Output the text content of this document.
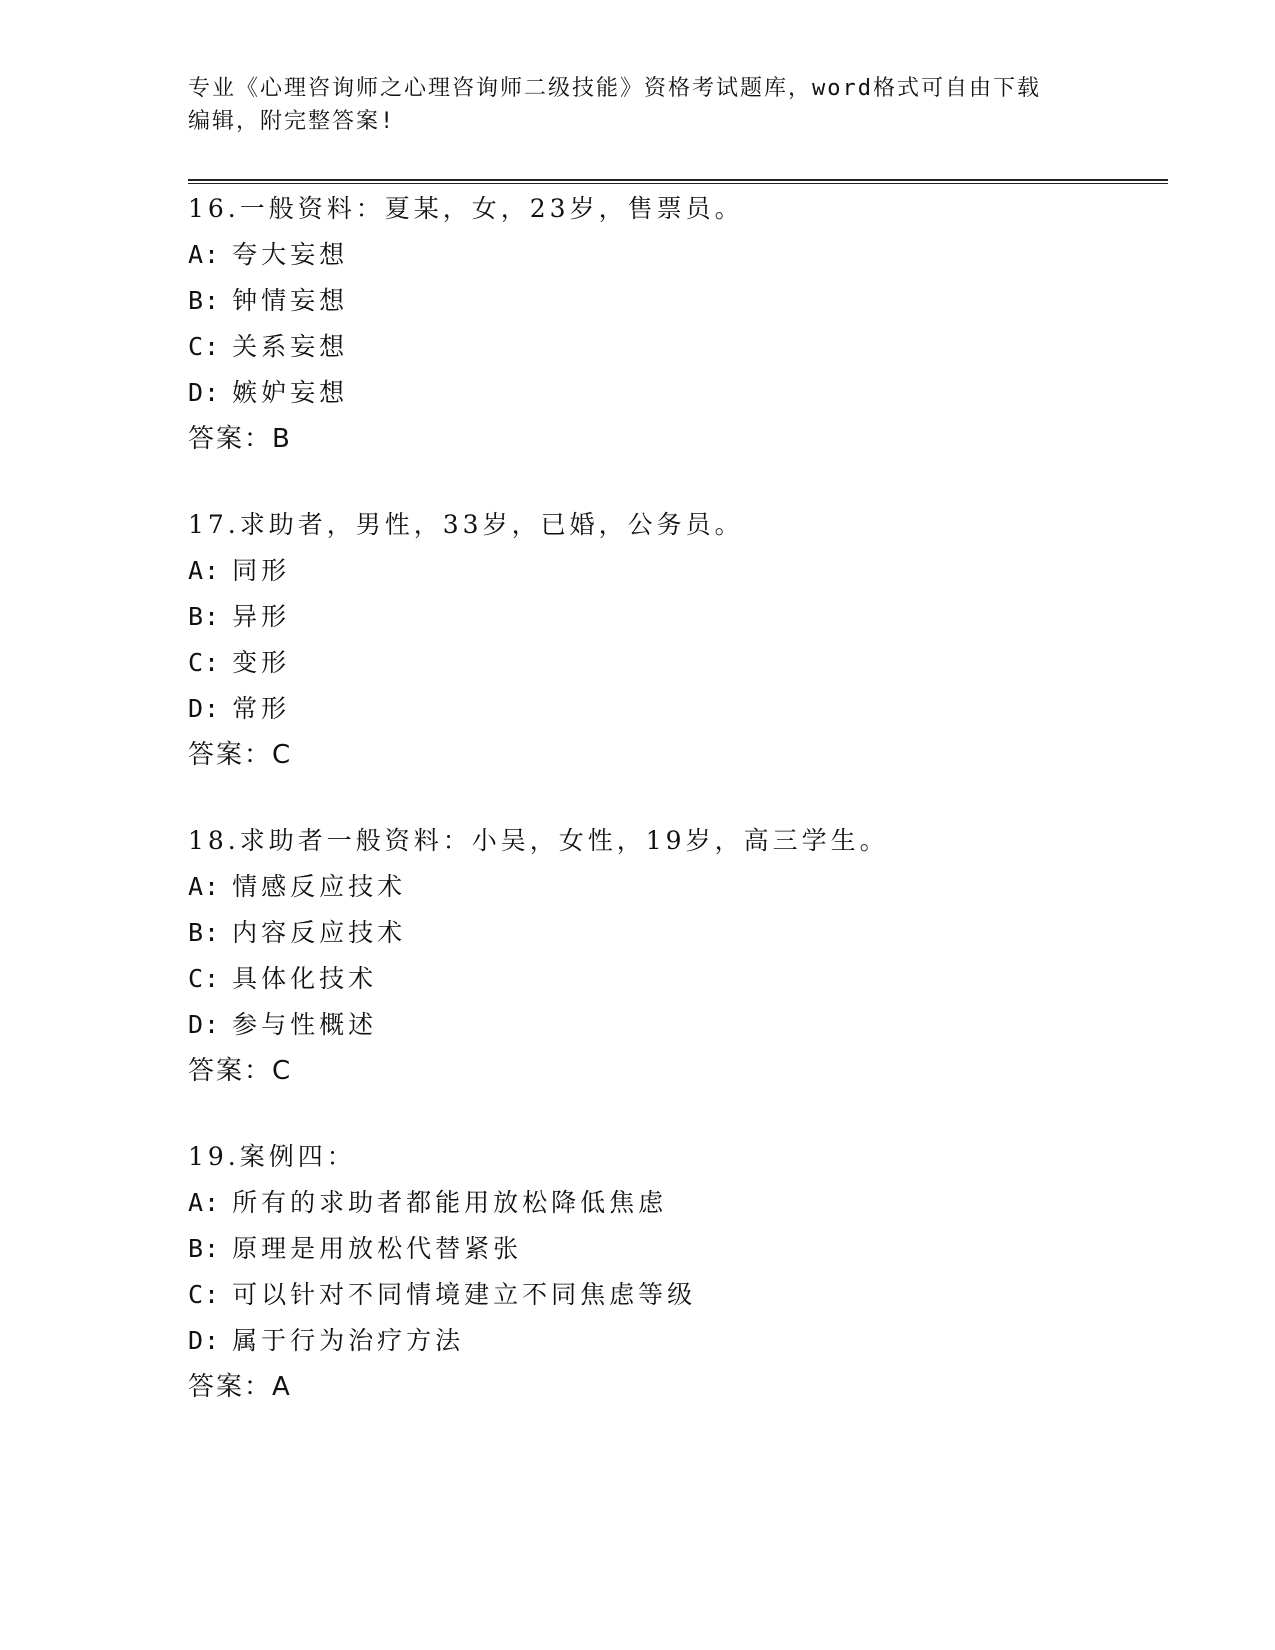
专业《心理咨询师之心理咨询师二级技能》资格考试题库，word格式可自由下载
编辑，附完整答案!
16.一般资料：夏某，女，23岁，售票员。
A: 夸大妄想
B: 钟情妄想
C: 关系妄想
D: 嫉妒妄想
答案：B
17.求助者，男性，33岁，已婚，公务员。
A: 同形
B: 异形
C: 变形
D: 常形
答案：C
18.求助者一般资料：小吴，女性，19岁，高三学生。
A: 情感反应技术
B: 内容反应技术
C: 具体化技术
D: 参与性概述
答案：C
19.案例四：
A: 所有的求助者都能用放松降低焦虑
B: 原理是用放松代替紧张
C: 可以针对不同情境建立不同焦虑等级
D: 属于行为治疗方法
答案：A
